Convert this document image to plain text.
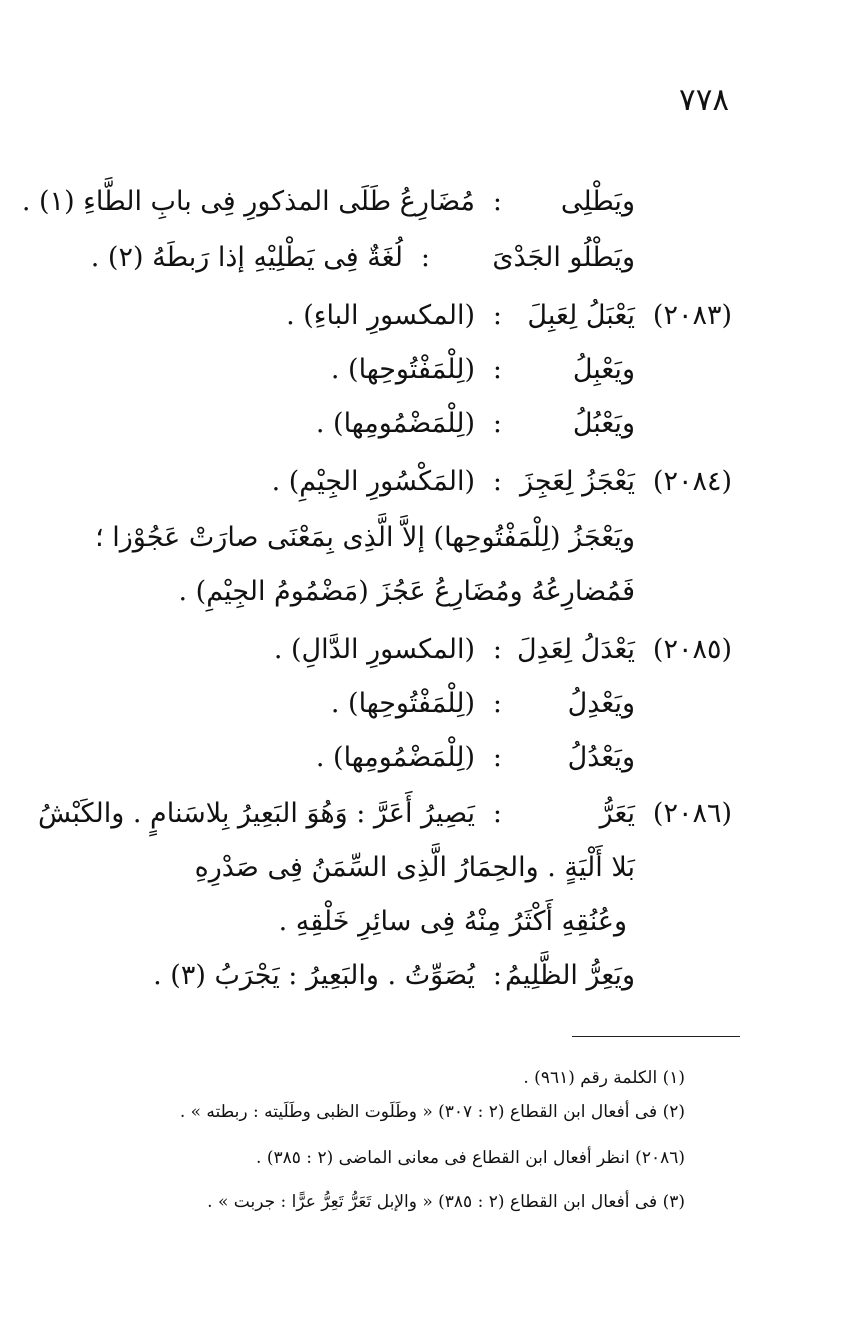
٧٧٨
ويَطْلِى
:
مُضَارِعُ طَلَى المذكورِ فِى بابِ الطَّاءِ (١) .
ويَطْلُو الجَدْىَ
:
لُغَةٌ فِى يَطْلِيْهِ إذا رَبطَهُ (٢) .
(٢٠٨٣)
يَعْبَلُ لِعَبِلَ
:
(المكسورِ الباءِ) .
ويَعْبِلُ
:
(لِلْمَفْتُوحِها) .
ويَعْبُلُ
:
(لِلْمَضْمُومِها) .
(٢٠٨٤)
يَعْجَزُ لِعَجِزَ
:
(المَكْسُورِ الجِيْمِ) .
ويَعْجَزُ (لِلْمَفْتُوحِها) إلاَّ الَّذِى بِمَعْنَى صارَتْ عَجُوْزا ؛
فَمُضارِعُهُ ومُضَارِعُ عَجُزَ (مَضْمُومُ الجِيْمِ) .
(٢٠٨٥)
يَعْدَلُ لِعَدِلَ
:
(المكسورِ الدَّالِ) .
ويَعْدِلُ
:
(لِلْمَفْتُوحِها) .
ويَعْدُلُ
:
(لِلْمَضْمُومِها) .
(٢٠٨٦)
يَعَرُّ
:
يَصِيرُ أَعَرَّ : وَهُوَ البَعِيرُ بِلاسَنامٍ . والكَبْشُ
بَلا أَلْيَةٍ . والحِمَارُ الَّذِى السِّمَنُ فِى صَدْرِهِ
وعُنُقِهِ أَكْثَرُ مِنْهُ فِى سائِرِ خَلْقِهِ .
ويَعِرُّ الظَّلِيمُ
:
يُصَوِّتُ . والبَعِيرُ : يَجْرَبُ (٣) .
(١) الكلمة رقم (٩٦١) .
(٢) فى أفعال ابن القطاع (٢ : ٣٠٧) « وطَلَوت الظبى وطَلَيته : ربطته » .
(٢٠٨٦) انظر أفعال ابن القطاع فى معانى الماضى (٢ : ٣٨٥) .
(٣) فى أفعال ابن القطاع (٢ : ٣٨٥) « والإبل تَعَرُّ تَعِرُّ عرًّا : جربت » .
